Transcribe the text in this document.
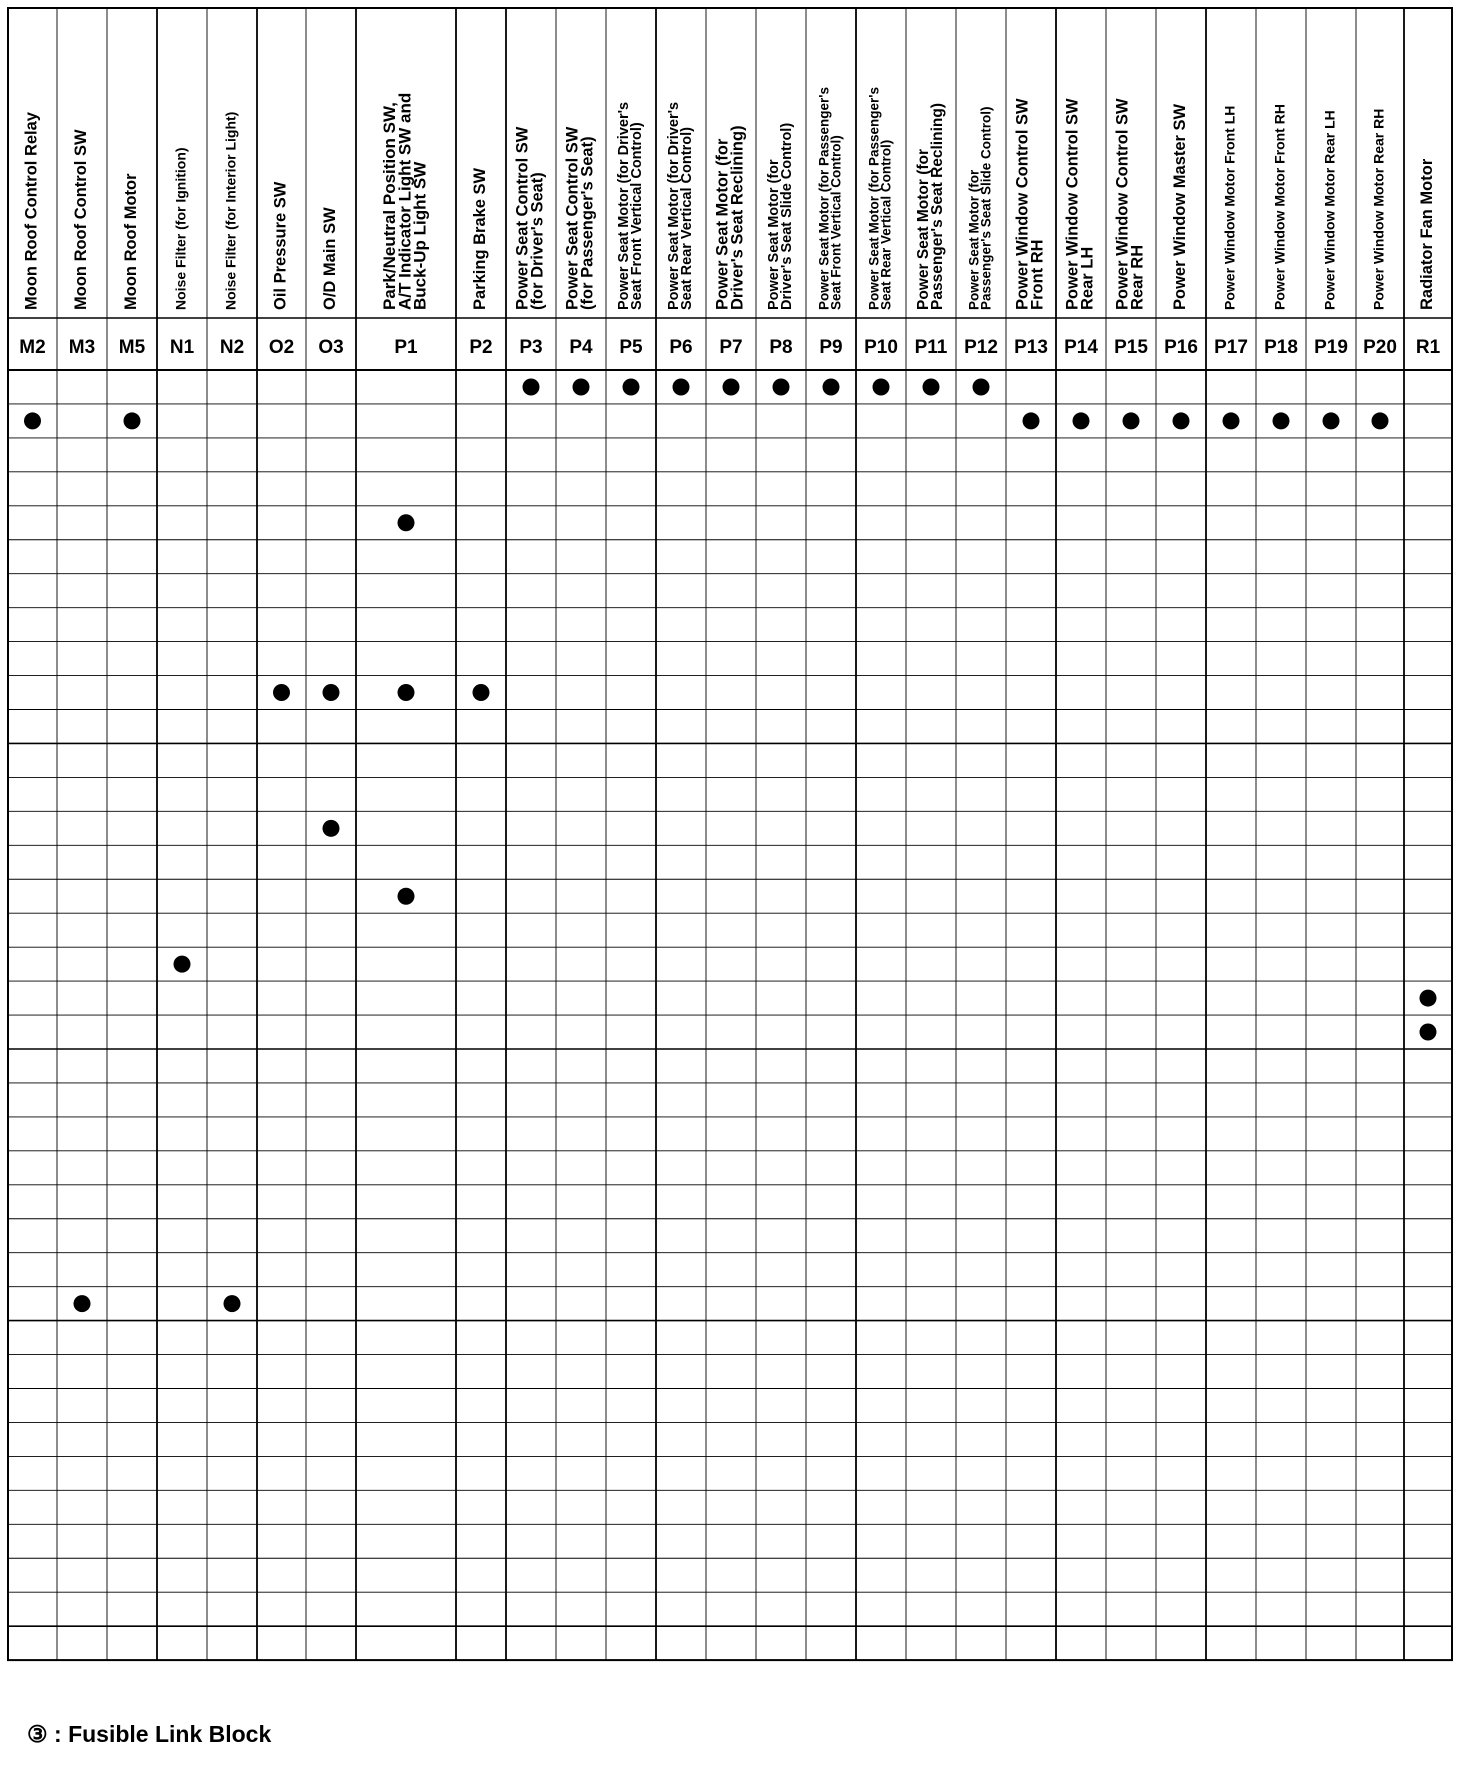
Moon Roof Control Relay
M2
Moon Roof Control SW
M3
Moon Roof Motor
M5
Noise Filter (for Ignition)
N1
Noise Filter (for Interior Light)
N2
Oil Pressure SW
O2
O/D Main SW
O3
Park/Neutral Position SW,A/T Indicator Light SW andBuck-Up Light SW
P1
Parking Brake SW
P2
Power Seat Control SW(for Driver's Seat)
P3
Power Seat Control SW(for Passenger's Seat)
P4
Power Seat Motor (for Driver'sSeat Front Vertical Control)
P5
Power Seat Motor (for Driver'sSeat Rear Vertical Control)
P6
Power Seat Motor (forDriver's Seat Reclining)
P7
Power Seat Motor (forDriver's Seat Slide Control)
P8
Power Seat Motor (for Passenger'sSeat Front Vertical Control)
P9
Power Seat Motor (for Passenger'sSeat Rear Vertical Control)
P10
Power Seat Motor (forPassenger's Seat Reclining)
P11
Power Seat Motor (forPassenger's Seat Slide Control)
P12
Power Window Control SWFront RH
P13
Power Window Control SWRear LH
P14
Power Window Control SWRear RH
P15
Power Window Master SW
P16
Power Window Motor Front LH
P17
Power Window Motor Front RH
P18
Power Window Motor Rear LH
P19
Power Window Motor Rear RH
P20
Radiator Fan Motor
R1
③ : Fusible Link Block
